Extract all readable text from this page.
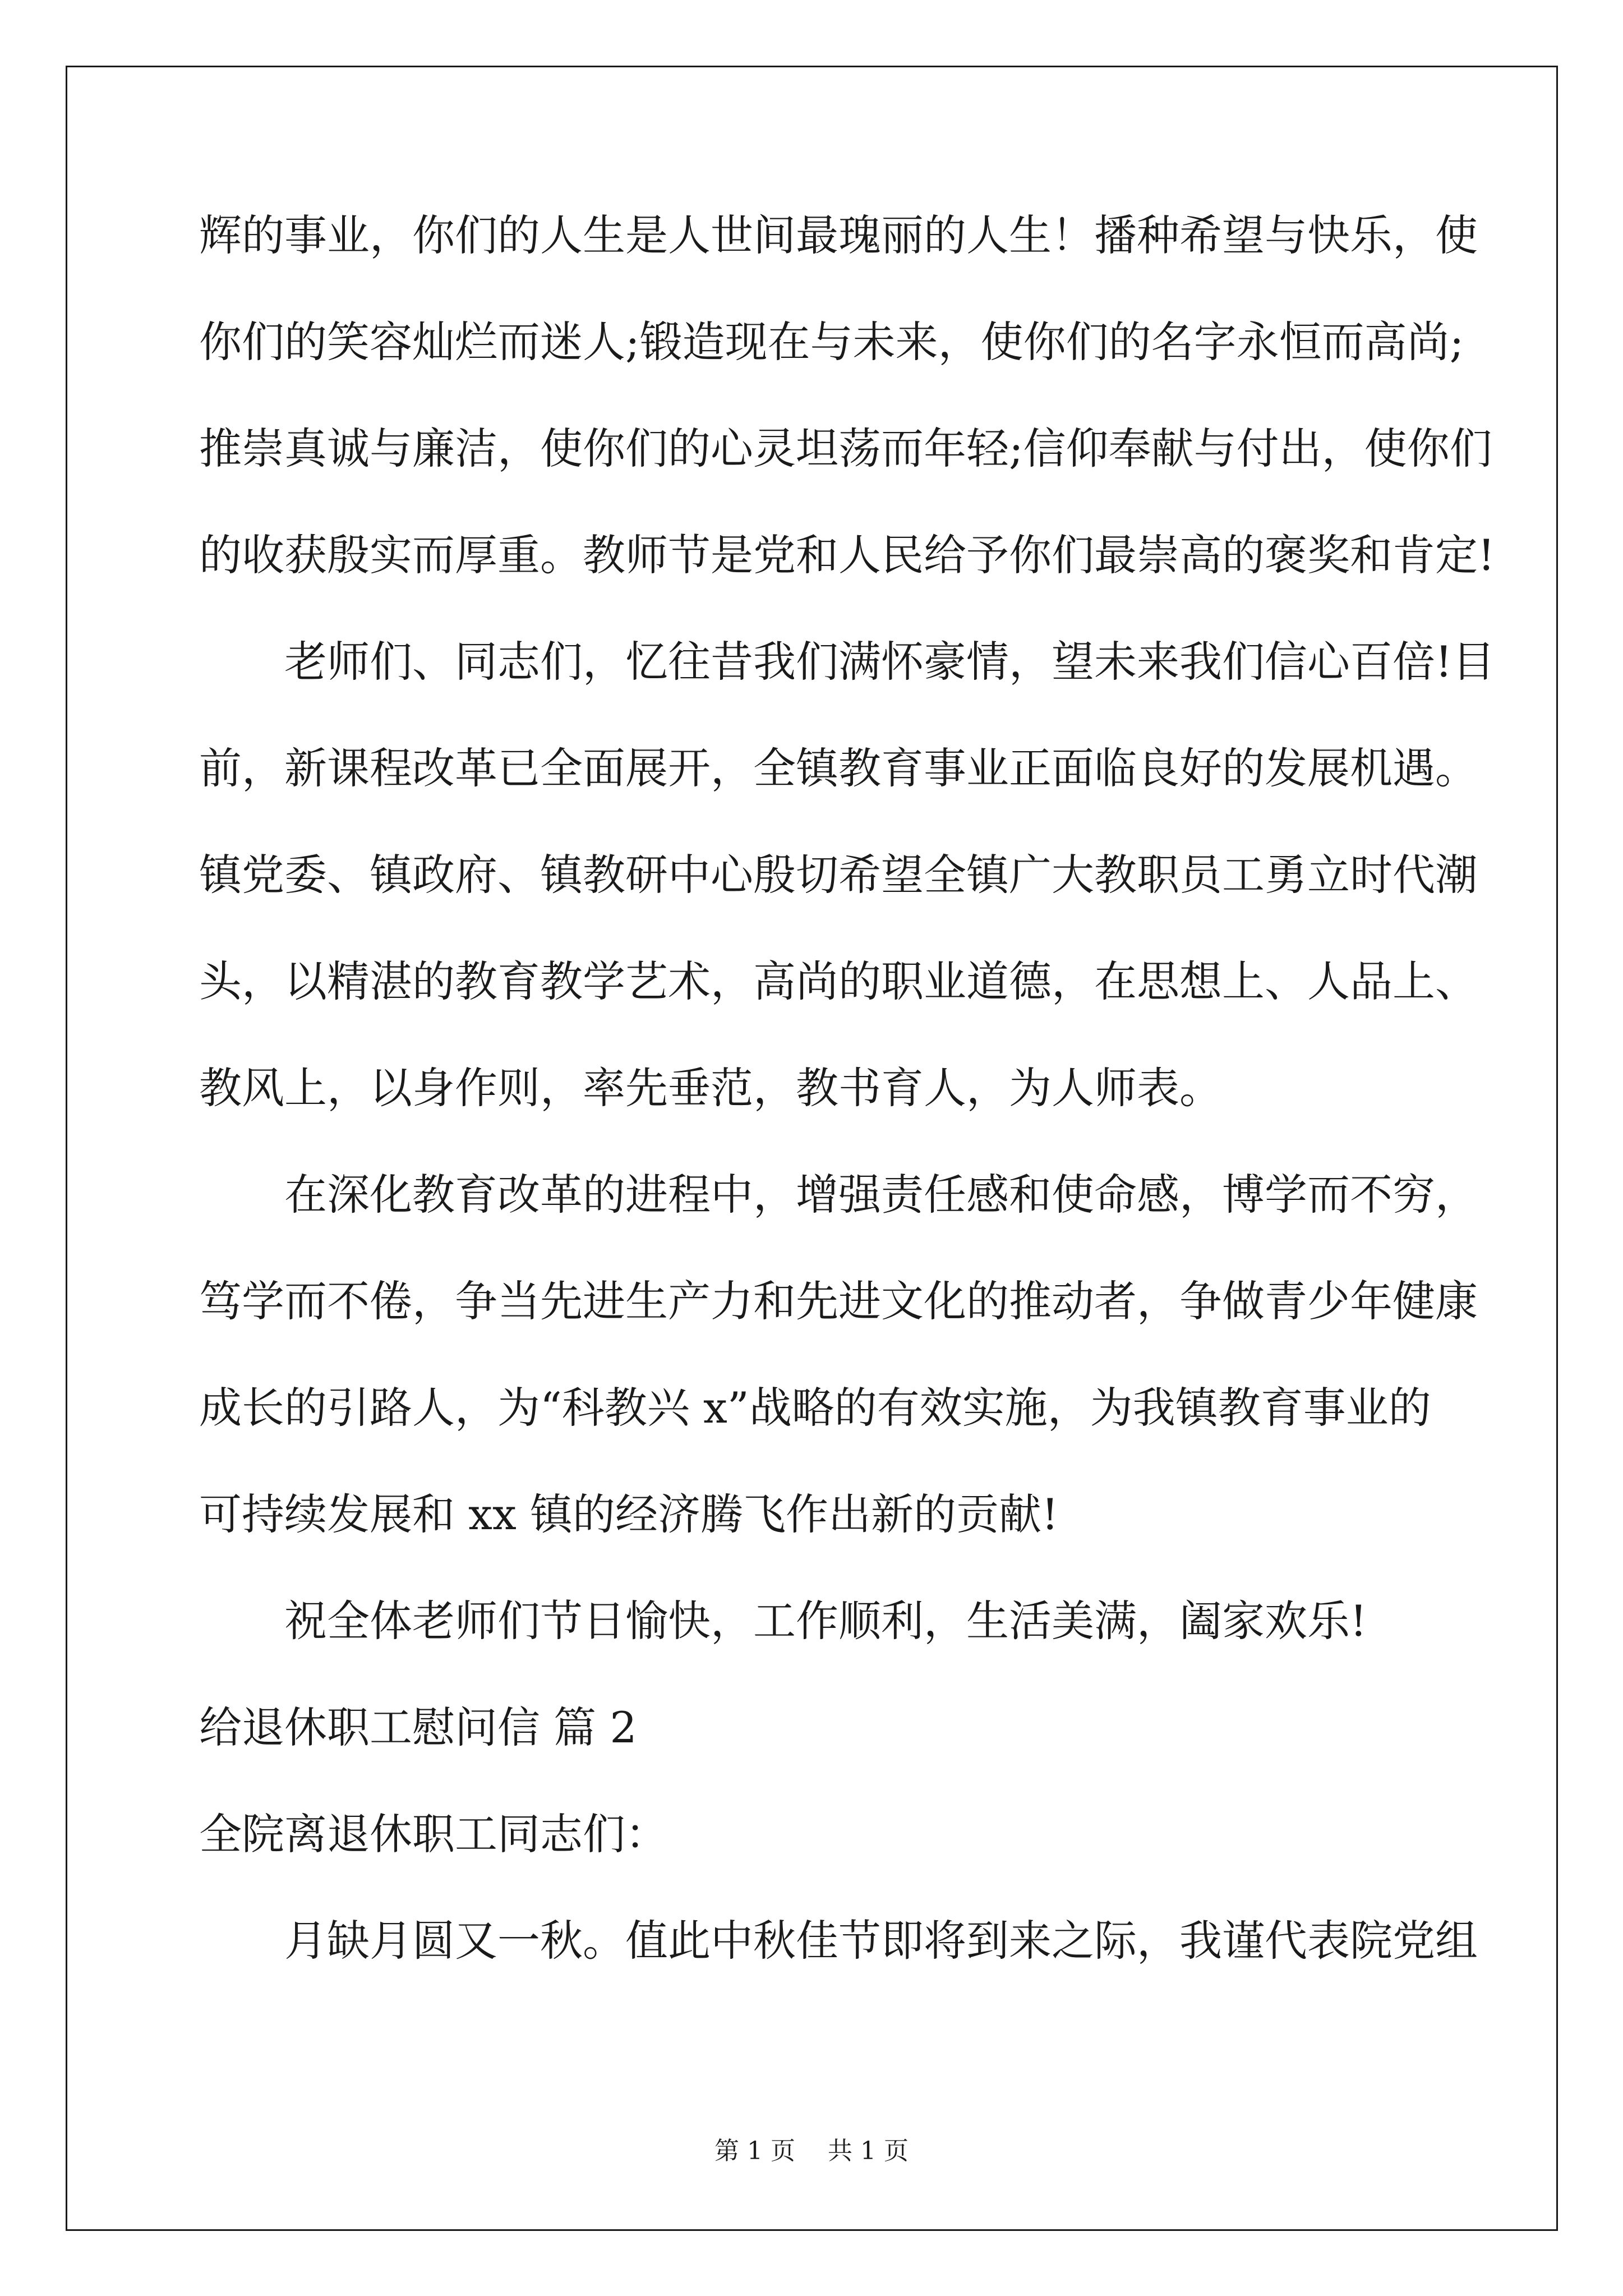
辉的事业，你们的人生是人世间最瑰丽的人生！播种希望与快乐，使
你们的笑容灿烂而迷人;锻造现在与未来，使你们的名字永恒而高尚;
推崇真诚与廉洁，使你们的心灵坦荡而年轻;信仰奉献与付出，使你们
的收获殷实而厚重。教师节是党和人民给予你们最崇高的褒奖和肯定!
老师们、同志们，忆往昔我们满怀豪情，望未来我们信心百倍!目
前，新课程改革已全面展开，全镇教育事业正面临良好的发展机遇。
镇党委、镇政府、镇教研中心殷切希望全镇广大教职员工勇立时代潮
头，以精湛的教育教学艺术，高尚的职业道德，在思想上、人品上、
教风上，以身作则，率先垂范，教书育人，为人师表。
在深化教育改革的进程中，增强责任感和使命感，博学而不穷，
笃学而不倦，争当先进生产力和先进文化的推动者，争做青少年健康
成长的引路人，为“科教兴 x”战略的有效实施，为我镇教育事业的
可持续发展和 xx 镇的经济腾飞作出新的贡献!
祝全体老师们节日愉快，工作顺利，生活美满，阖家欢乐!
给退休职工慰问信 篇 2
全院离退休职工同志们：
月缺月圆又一秋。值此中秋佳节即将到来之际，我谨代表院党组
第 1 页 共 1 页
